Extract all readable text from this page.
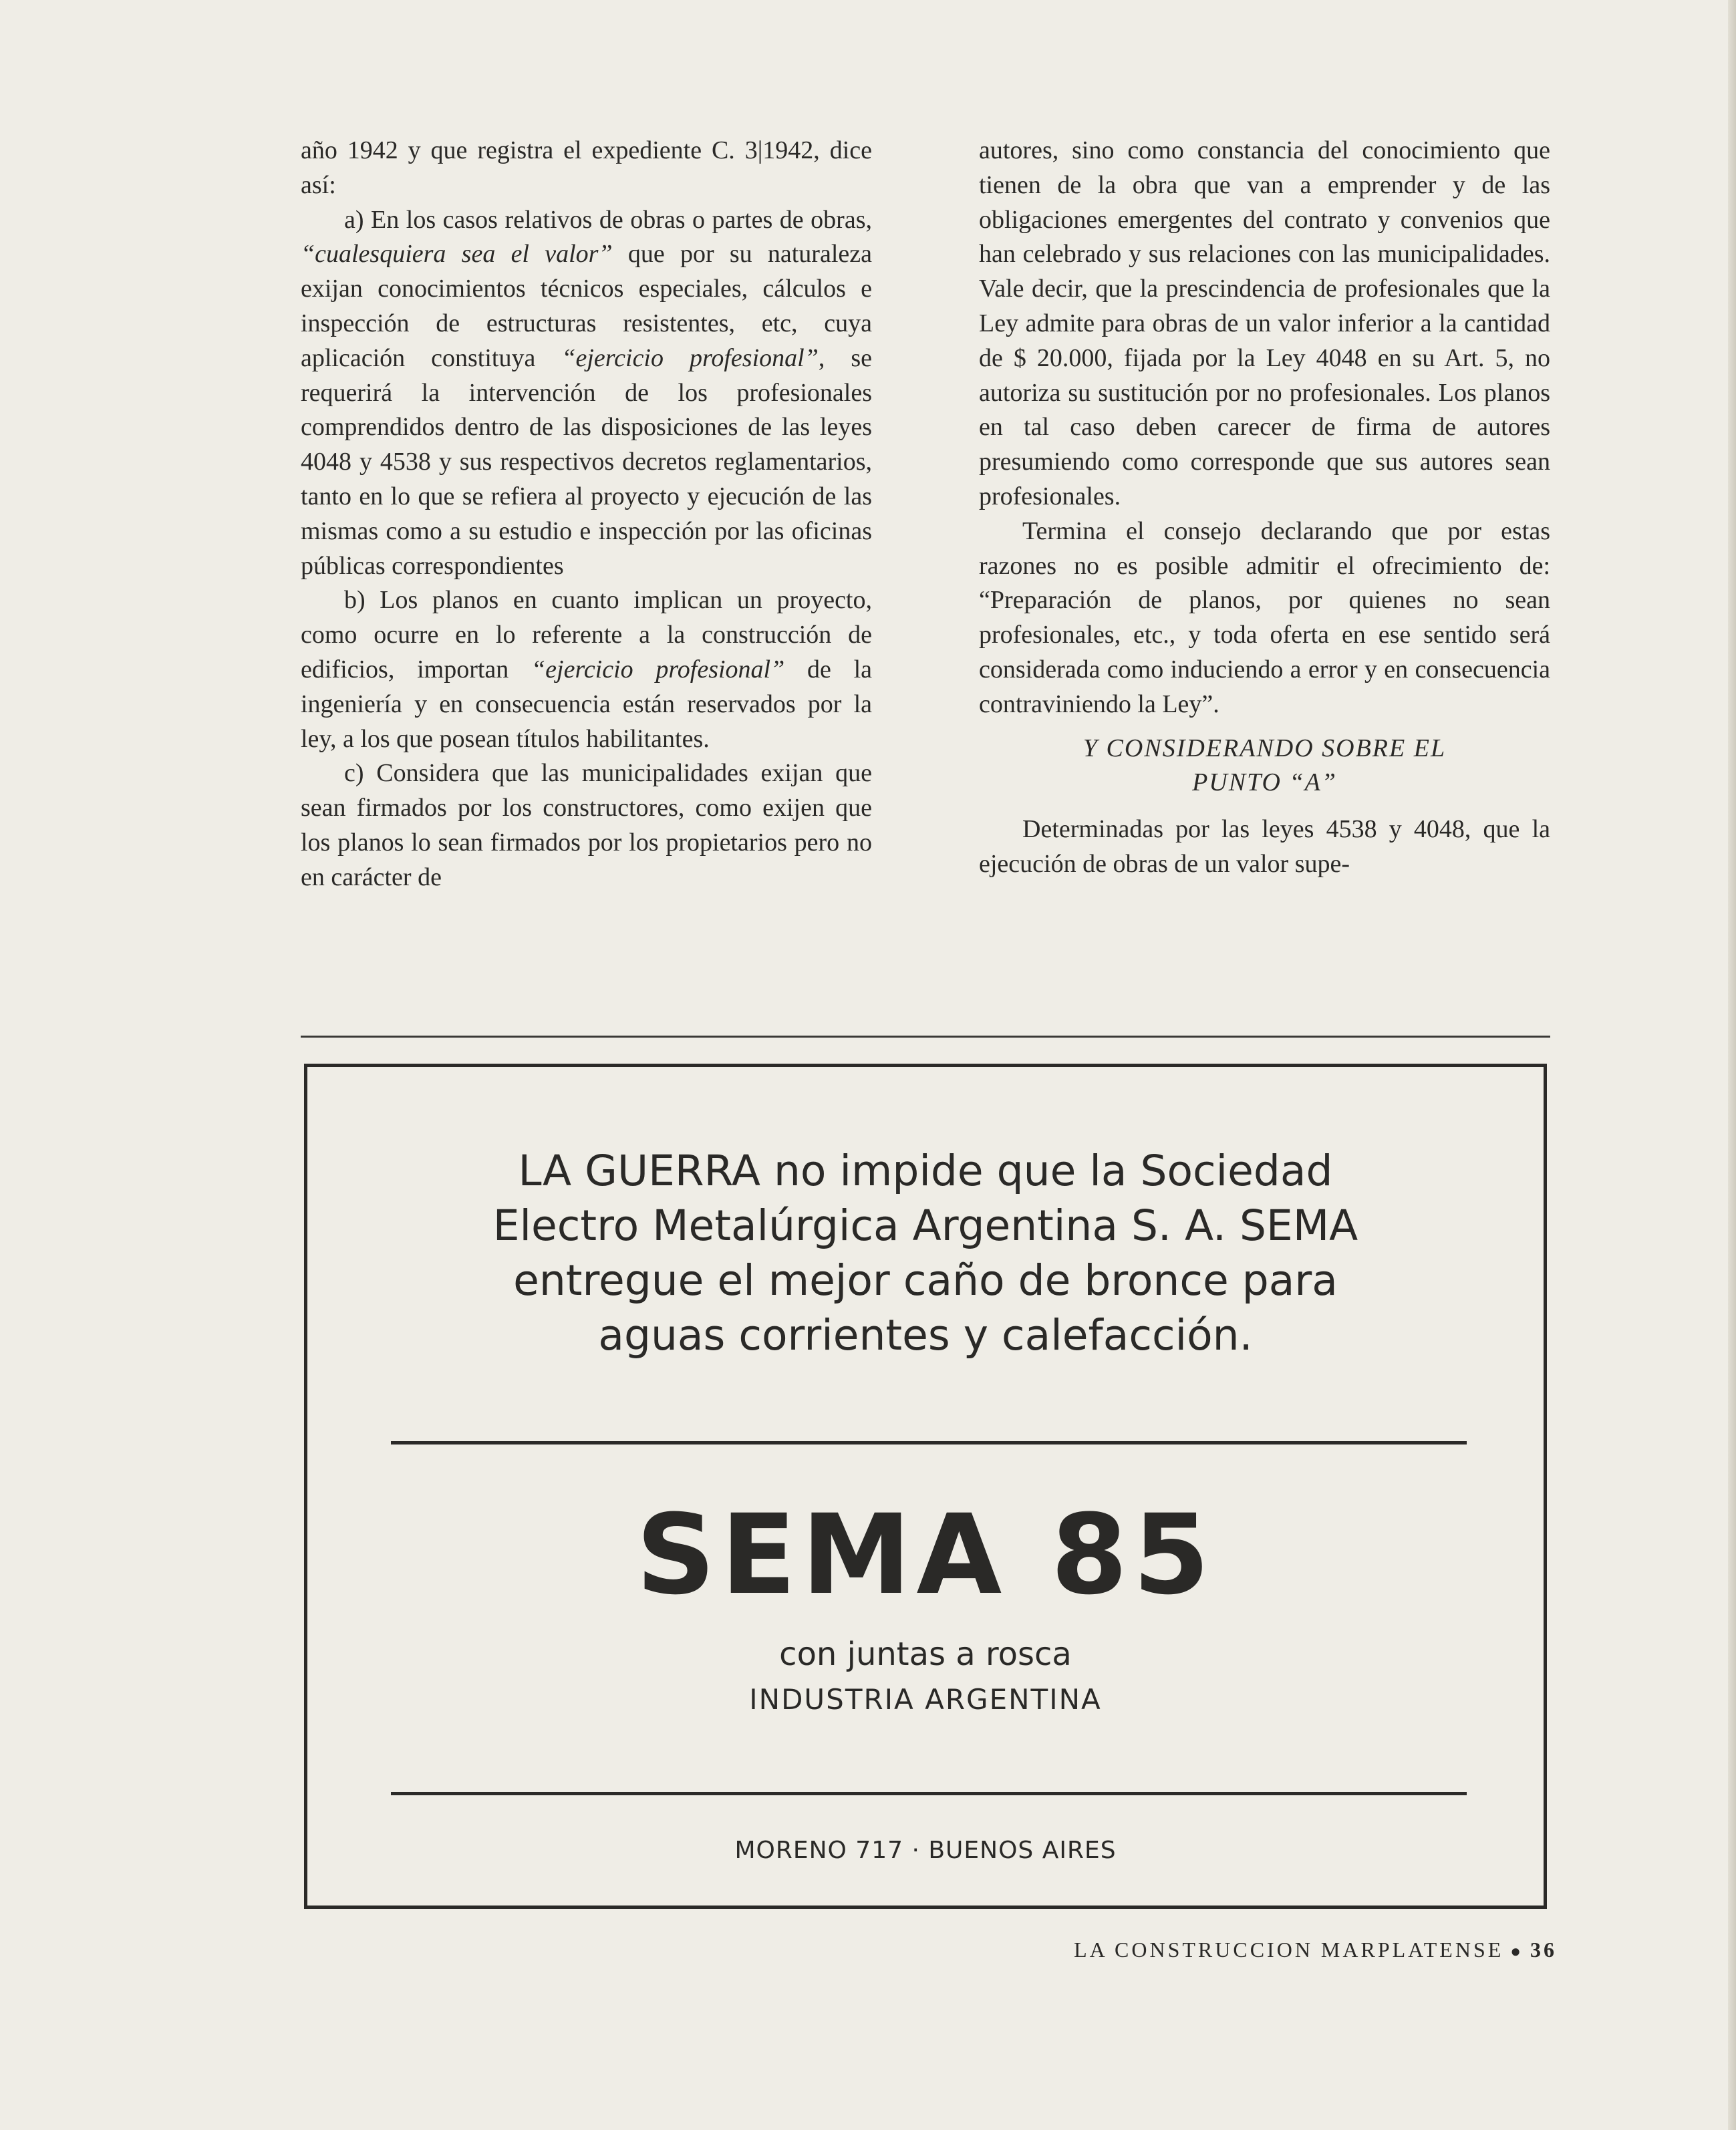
año 1942 y que registra el expediente C. 3|1942, dice así:

a) En los casos relativos de obras o partes de obras, “cualesquiera sea el valor” que por su naturaleza exijan conocimientos técnicos especiales, cálculos e inspección de estructuras resistentes, etc, cuya aplicación constituya “ejercicio profesional”, se requerirá la intervención de los profesionales comprendidos dentro de las disposiciones de las leyes 4048 y 4538 y sus respectivos decretos reglamentarios, tanto en lo que se refiera al proyecto y ejecución de las mismas como a su estudio e inspección por las oficinas públicas correspondientes

b) Los planos en cuanto implican un proyecto, como ocurre en lo referente a la construcción de edificios, importan “ejercicio profesional” de la ingeniería y en consecuencia están reservados por la ley, a los que posean títulos habilitantes.

c) Considera que las municipalidades exijan que sean firmados por los constructores, como exijen que los planos lo sean firmados por los propietarios pero no en carácter de

autores, sino como constancia del conocimiento que tienen de la obra que van a emprender y de las obligaciones emergentes del contrato y convenios que han celebrado y sus relaciones con las municipalidades. Vale decir, que la prescindencia de profesionales que la Ley admite para obras de un valor inferior a la cantidad de $ 20.000, fijada por la Ley 4048 en su Art. 5, no autoriza su sustitución por no profesionales. Los planos en tal caso deben carecer de firma de autores presumiendo como corresponde que sus autores sean profesionales.

Termina el consejo declarando que por estas razones no es posible admitir el ofrecimiento de: “Preparación de planos, por quienes no sean profesionales, etc., y toda oferta en ese sentido será considerada como induciendo a error y en consecuencia contraviniendo la Ley”.

Y CONSIDERANDO SOBRE EL
PUNTO “A”

Determinadas por las leyes 4538 y 4048, que la ejecución de obras de un valor supe-

LA GUERRA no impide que la Sociedad
Electro Metalúrgica Argentina S. A. SEMA
entregue el mejor caño de bronce para
aguas corrientes y calefacción.
SEMA 85
con juntas a rosca
INDUSTRIA ARGENTINA
MORENO 717 · BUENOS AIRES
LA CONSTRUCCION MARPLATENSE ● 36
